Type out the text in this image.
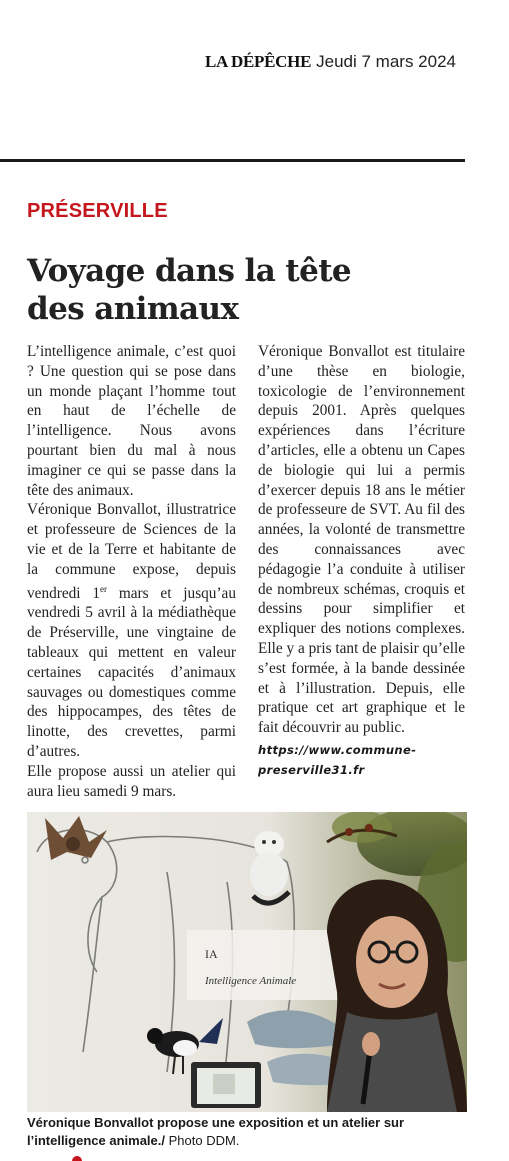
LA DÉPÊCHE Jeudi 7 mars 2024
PRÉSERVILLE
Voyage dans la tête
des animaux

L’intelligence animale, c’est quoi ? Une question qui se pose dans un monde plaçant l’homme tout en haut de l’échelle de l’intelligence. Nous avons pourtant bien du mal à nous imaginer ce qui se passe dans la tête des animaux.

Véronique Bonvallot, illustratrice et professeure de Sciences de la vie et de la Terre et habitante de la commune expose, depuis vendredi 1er mars et jusqu’au vendredi 5 avril à la médiathèque de Préserville, une vingtaine de tableaux qui mettent en valeur certaines capacités d’animaux sauvages ou domestiques comme des hippocampes, des têtes de linotte, des crevettes, parmi d’autres.

Elle propose aussi un atelier qui aura lieu samedi 9 mars.

Véronique Bonvallot est titulaire d’une thèse en biologie, toxicologie de l’environnement depuis 2001. Après quelques expériences dans l’écriture d’articles, elle a obtenu un Capes de biologie qui lui a permis d’exercer depuis 18 ans le métier de professeure de SVT. Au fil des années, la volonté de transmettre des connaissances avec pédagogie l’a conduite à utiliser de nombreux schémas, croquis et dessins pour simplifier et expliquer des notions complexes. Elle y a pris tant de plaisir qu’elle s’est formée, à la bande dessinée et à l’illustration. Depuis, elle pratique cet art graphique et le fait découvrir au public.

https://www.commune-preserville31.fr

IA
Intelligence Animale

Véronique Bonvallot propose une exposition et un atelier sur l’intelligence animale./ Photo DDM.
